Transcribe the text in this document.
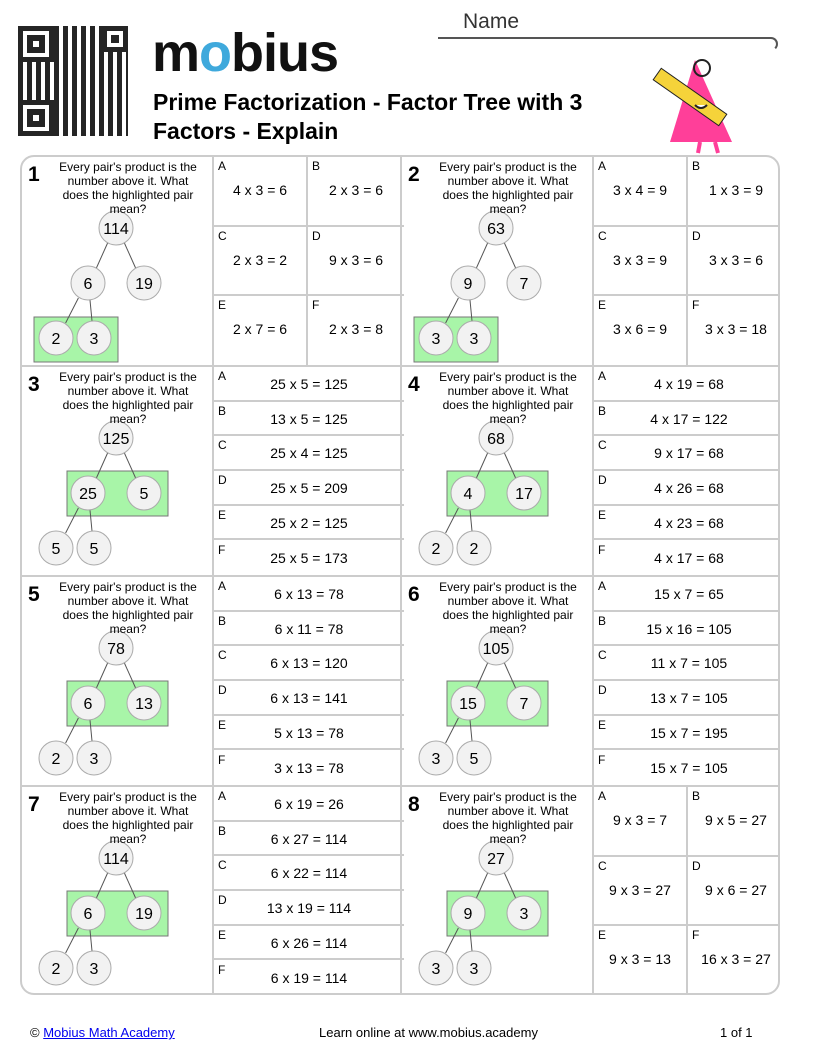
mobius
Prime Factorization - Factor Tree with 3 Factors - Explain
Name
114
6	19
2 3
1 Every pair's product is the number above it. What does the highlighted pair mean?
A
4 x 3 = 6
B
2 x 3 = 6
C
2 x 3 = 2
D
9 x 3 = 6
E
2 x 7 = 6
F
2 x 3 = 8
63
9	7
3 3
2 Every pair's product is the number above it. What does the highlighted pair mean?
A
3 x 4 = 9
B
1 x 3 = 9
C
3 x 3 = 9
D
3 x 3 = 6
E
3 x 6 = 9
F
3 x 3 = 18
125
25	5
5 5
3 Every pair's product is the number above it. What does the highlighted pair mean?
A	25 x 5 = 125
B	13 x 5 = 125
C	25 x 4 = 125
D	25 x 5 = 209
E	25 x 2 = 125
F	25 x 5 = 173
68
4	17
2 2
4 Every pair's product is the number above it. What does the highlighted pair mean?
A	4 x 19 = 68
B	4 x 17 = 122
C	9 x 17 = 68
D	4 x 26 = 68
E	4 x 23 = 68
F	4 x 17 = 68
78
6	13
2 3
5 Every pair's product is the number above it. What does the highlighted pair mean?
A	6 x 13 = 78
B	6 x 11 = 78
C	6 x 13 = 120
D	6 x 13 = 141
E	5 x 13 = 78
F	3 x 13 = 78
105
15	7
3 5
6 Every pair's product is the number above it. What does the highlighted pair mean?
A	15 x 7 = 65
B	15 x 16 = 105
C	11 x 7 = 105
D	13 x 7 = 105
E	15 x 7 = 195
F	15 x 7 = 105
114
6	19
2 3
7 Every pair's product is the number above it. What does the highlighted pair mean?
A	6 x 19 = 26
B	6 x 27 = 114
C	6 x 22 = 114
D	13 x 19 = 114
E	6 x 26 = 114
F	6 x 19 = 114
27
9	3
3 3
8 Every pair's product is the number above it. What does the highlighted pair mean?
A
9 x 3 = 7
B
9 x 5 = 27
C
9 x 3 = 27
D
9 x 6 = 27
E
9 x 3 = 13
F
16 x 3 = 27
© Mobius Math Academy	Learn online at www.mobius.academy	1 of 1
